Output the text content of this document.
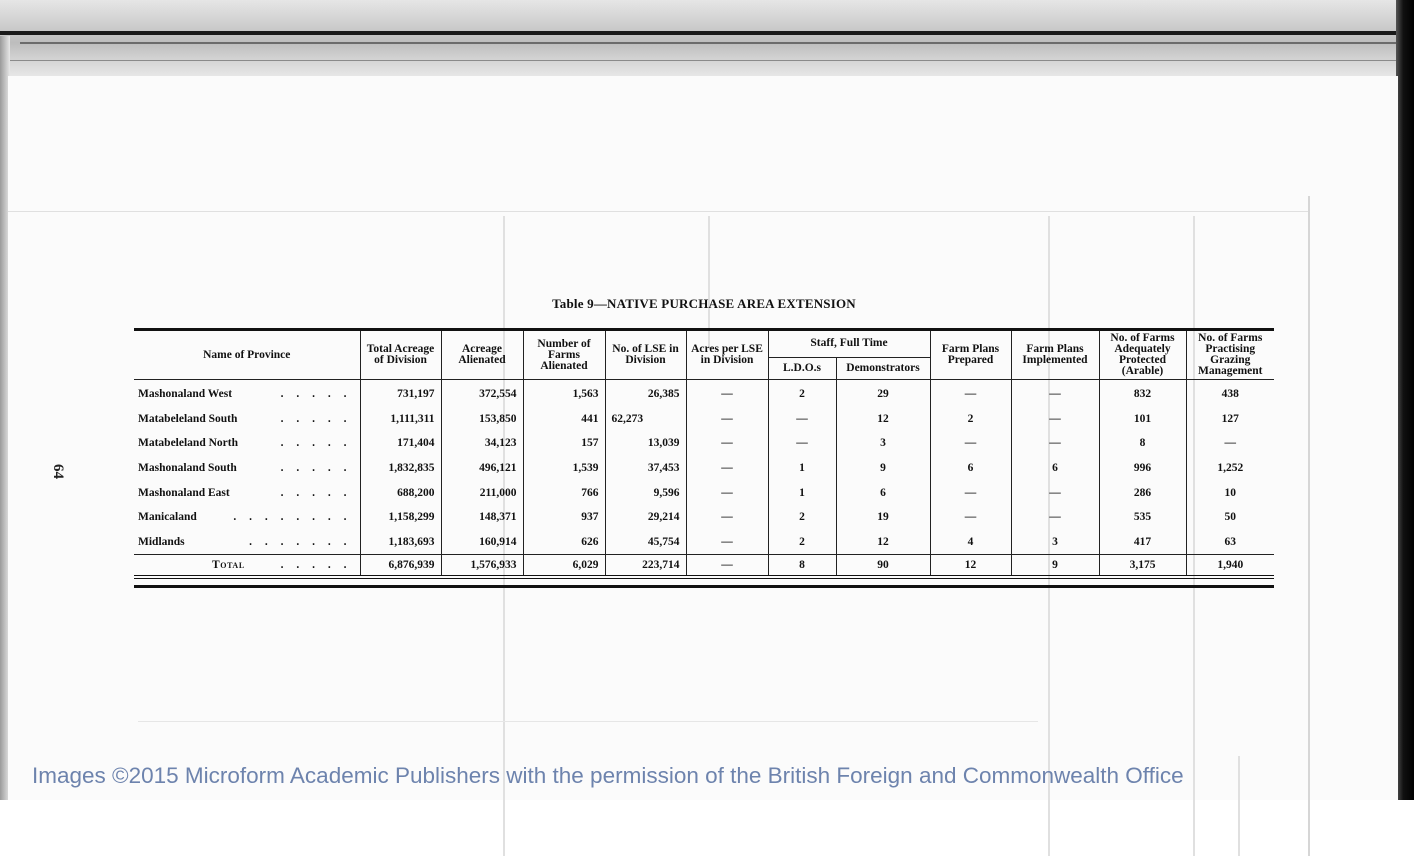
64
Table 9—NATIVE PURCHASE AREA EXTENSION
Name of Province	Total Acreage of Division	Acreage Alienated	Number of Farms Alienated	No. of LSE in Division	Acres per LSE in Division	Staff, Full Time		Farm Plans Prepared	Farm Plans Implemented	No. of Farms Adequately Protected (Arable)	No. of Farms Practising Grazing Management
						L.D.O.s	Demonstrators				

Mashonaland West . . . . .	731,197	372,554	1,563	26,385	—	2	29	—	—	832	438

Matabeleland South . . . . .	1,111,311	153,850	441	62,273	—	—	12	2	—	101	127

Matabeleland North . . . . .	171,404	34,123	157	13,039	—	—	3	—	—	8	—

Mashonaland South . . . . .	1,832,835	496,121	1,539	37,453	—	1	9	6	6	996	1,252

Mashonaland East . . . . .	688,200	211,000	766	9,596	—	1	6	—	—	286	10

Manicaland . . . . . . . .	1,158,299	148,371	937	29,214	—	2	19	—	—	535	50

Midlands . . . . . . .	1,183,693	160,914	626	45,754	—	2	12	4	3	417	63

Total . . . . .	6,876,939	1,576,933	6,029	223,714	—	8	90	12	9	3,175	1,940
Images ©2015 Microform Academic Publishers with the permission of the British Foreign and Commonwealth Office
